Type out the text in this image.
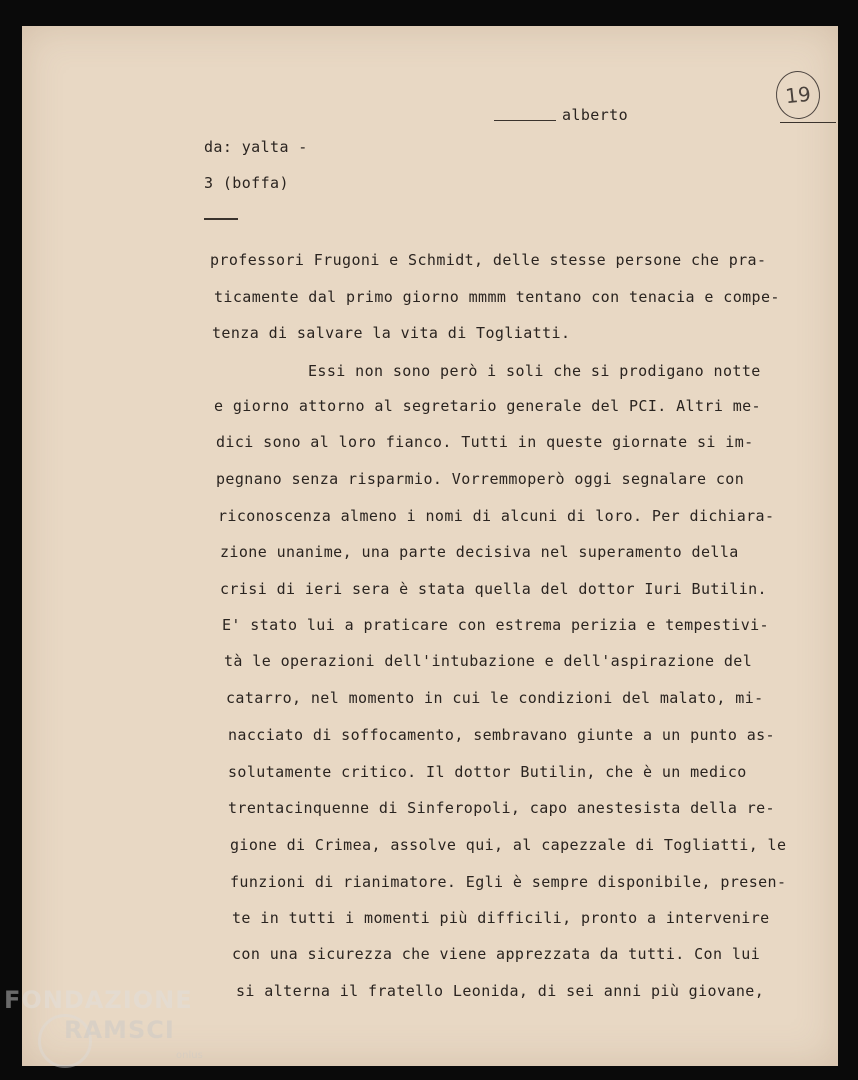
19
alberto
da: yalta -
3 (boffa)
professori Frugoni e Schmidt, delle stesse persone che pra-
ticamente dal primo giorno mmmm tentano con tenacia e compe-
tenza di salvare la vita di Togliatti.
Essi non sono però i soli che si prodigano notte
e giorno attorno al segretario generale del PCI. Altri me-
dici sono al loro fianco. Tutti in queste giornate si im-
pegnano senza risparmio. Vorremmoperò oggi segnalare con
riconoscenza almeno i nomi di alcuni di loro. Per dichiara-
zione unanime, una parte decisiva nel superamento della
crisi di ieri sera è stata quella del dottor Iuri Butilin.
E' stato lui a praticare con estrema perizia e tempestivi-
tà le operazioni dell'intubazione e dell'aspirazione del
catarro, nel momento in cui le condizioni del malato, mi-
nacciato di soffocamento, sembravano giunte a un punto as-
solutamente critico. Il dottor Butilin, che è un medico
trentacinquenne di Sinferopoli, capo anestesista della re-
gione di Crimea, assolve qui, al capezzale di Togliatti, le
funzioni di rianimatore. Egli è sempre disponibile, presen-
te in tutti i momenti più difficili, pronto a intervenire
con una sicurezza che viene apprezzata da tutti. Con lui
si alterna il fratello Leonida, di sei anni più giovane,
FONDAZIONE
RAMSCI
onlus
